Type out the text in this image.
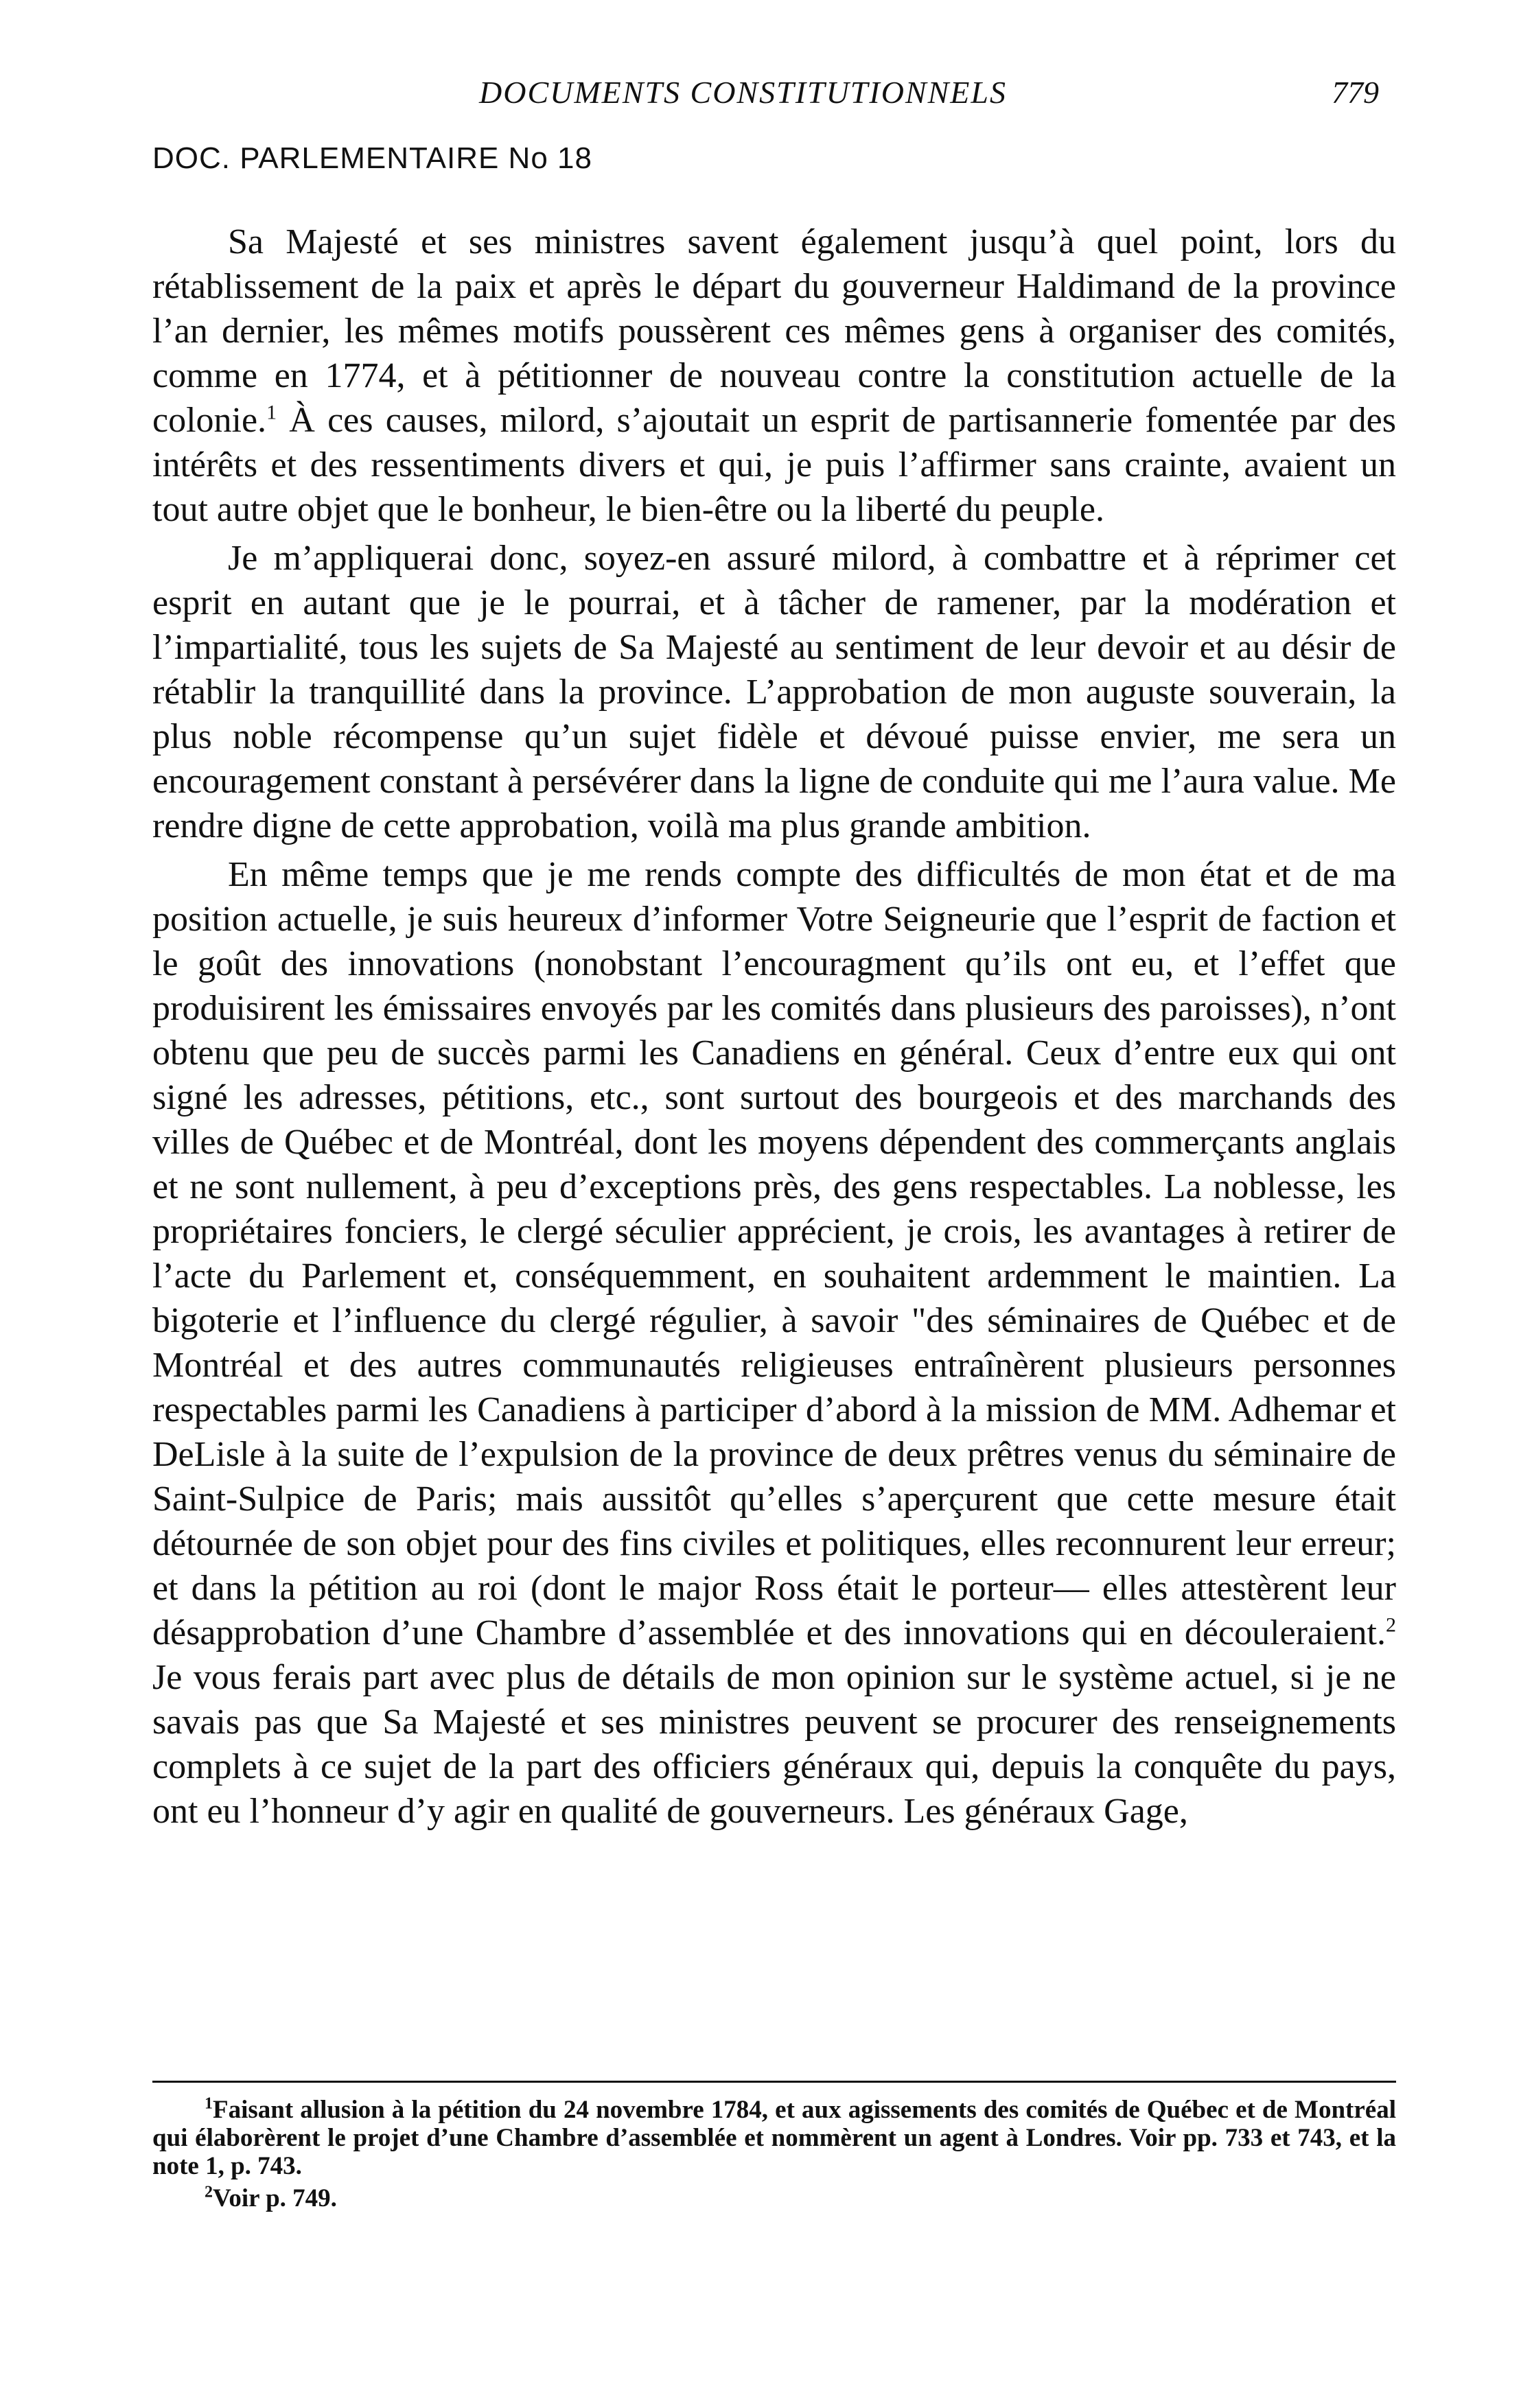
DOCUMENTS CONSTITUTIONNELS	779
DOC. PARLEMENTAIRE No 18

Sa Majesté et ses ministres savent également jusqu’à quel point, lors du rétablissement de la paix et après le départ du gouverneur Haldimand de la province l’an dernier, les mêmes motifs poussèrent ces mêmes gens à organiser des comités, comme en 1774, et à pétitionner de nouveau contre la constitution actuelle de la colonie.$^1$ À ces causes, milord, s’ajoutait un esprit de partisannerie fomentée par des intérêts et des ressentiments divers et qui, je puis l’affirmer sans crainte, avaient un tout autre objet que le bonheur, le bien-être ou la liberté du peuple.

Je m’appliquerai donc, soyez-en assuré milord, à combattre et à réprimer cet esprit en autant que je le pourrai, et à tâcher de ramener, par la modération et l’impartialité, tous les sujets de Sa Majesté au sentiment de leur devoir et au désir de rétablir la tranquillité dans la province. L’approbation de mon auguste souverain, la plus noble récompense qu’un sujet fidèle et dévoué puisse envier, me sera un encouragement constant à persévérer dans la ligne de conduite qui me l’aura value. Me rendre digne de cette approbation, voilà ma plus grande ambition.

En même temps que je me rends compte des difficultés de mon état et de ma position actuelle, je suis heureux d’informer Votre Seigneurie que l’esprit de faction et le goût des innovations (nonobstant l’encouragment qu’ils ont eu, et l’effet que produisirent les émissaires envoyés par les comités dans plusieurs des paroisses), n’ont obtenu que peu de succès parmi les Canadiens en général. Ceux d’entre eux qui ont signé les adresses, pétitions, etc., sont surtout des bourgeois et des marchands des villes de Québec et de Montréal, dont les moyens dépendent des commerçants anglais et ne sont nullement, à peu d’exceptions près, des gens respectables. La noblesse, les propriétaires fonciers, le clergé séculier apprécient, je crois, les avantages à retirer de l’acte du Parlement et, conséquemment, en souhaitent ardemment le maintien. La bigoterie et l’influence du clergé régulier, à savoir "des séminaires de Québec et de Montréal et des autres communautés religieuses entraînèrent plusieurs personnes respectables parmi les Canadiens à participer d’abord à la mission de MM. Adhemar et DeLisle à la suite de l’expulsion de la province de deux prêtres venus du séminaire de Saint-Sulpice de Paris; mais aussitôt qu’elles s’aperçurent que cette mesure était détournée de son objet pour des fins civiles et politiques, elles reconnurent leur erreur; et dans la pétition au roi (dont le major Ross était le porteur— elles attestèrent leur désapprobation d’une Chambre d’assemblée et des innovations qui en découleraient.$^2$ Je vous ferais part avec plus de détails de mon opinion sur le système actuel, si je ne savais pas que Sa Majesté et ses ministres peuvent se procurer des renseignements complets à ce sujet de la part des officiers généraux qui, depuis la conquête du pays, ont eu l’honneur d’y agir en qualité de gouverneurs. Les généraux Gage,

$^1$Faisant allusion à la pétition du 24 novembre 1784, et aux agissements des comités de Québec et de Montréal qui élaborèrent le projet d’une Chambre d’assemblée et nommèrent un agent à Londres. Voir pp. 733 et 743, et la note 1, p. 743.

$^2$Voir p. 749.
